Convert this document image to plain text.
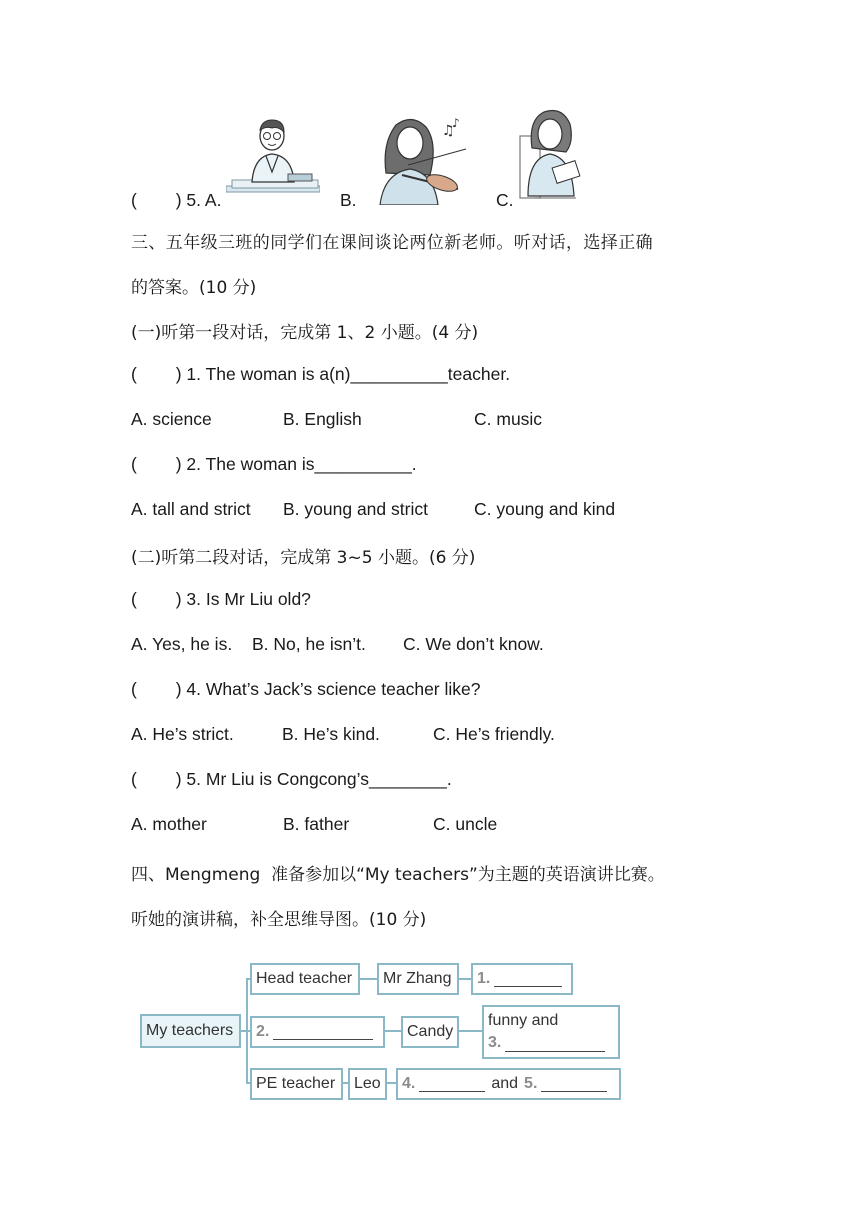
(        ) 5. A.	B.
♫
♪
C.
三、五年级三班的同学们在课间谈论两位新老师。听对话，选择正确
的答案。(10 分)
(一)听第一段对话，完成第 1、2 小题。(4 分)
(        ) 1. The woman is a(n)__________teacher.
A. science	B. English	C. music
(        ) 2. The woman is__________.
A. tall and strict B. young and strict	C. young and kind
(二)听第二段对话，完成第 3~5 小题。(6 分)
(        ) 3. Is Mr Liu old?
A. Yes, he is. B. No, he isn’t. C. We don’t know.
(        ) 4. What’s Jack’s science teacher like?
A. He’s strict.	B. He’s kind.	C. He’s friendly.
(        ) 5. Mr Liu is Congcong’s________.
A. mother	B. father	C. uncle
四、Mengmeng  准备参加以“My teachers”为主题的英语演讲比赛。
听她的演讲稿，补全思维导图。(10 分)
My teachers
Head teacher Mr Zhang 1.
2.	Candy
funny and
3.
PE teacher Leo 4.	and 5.
